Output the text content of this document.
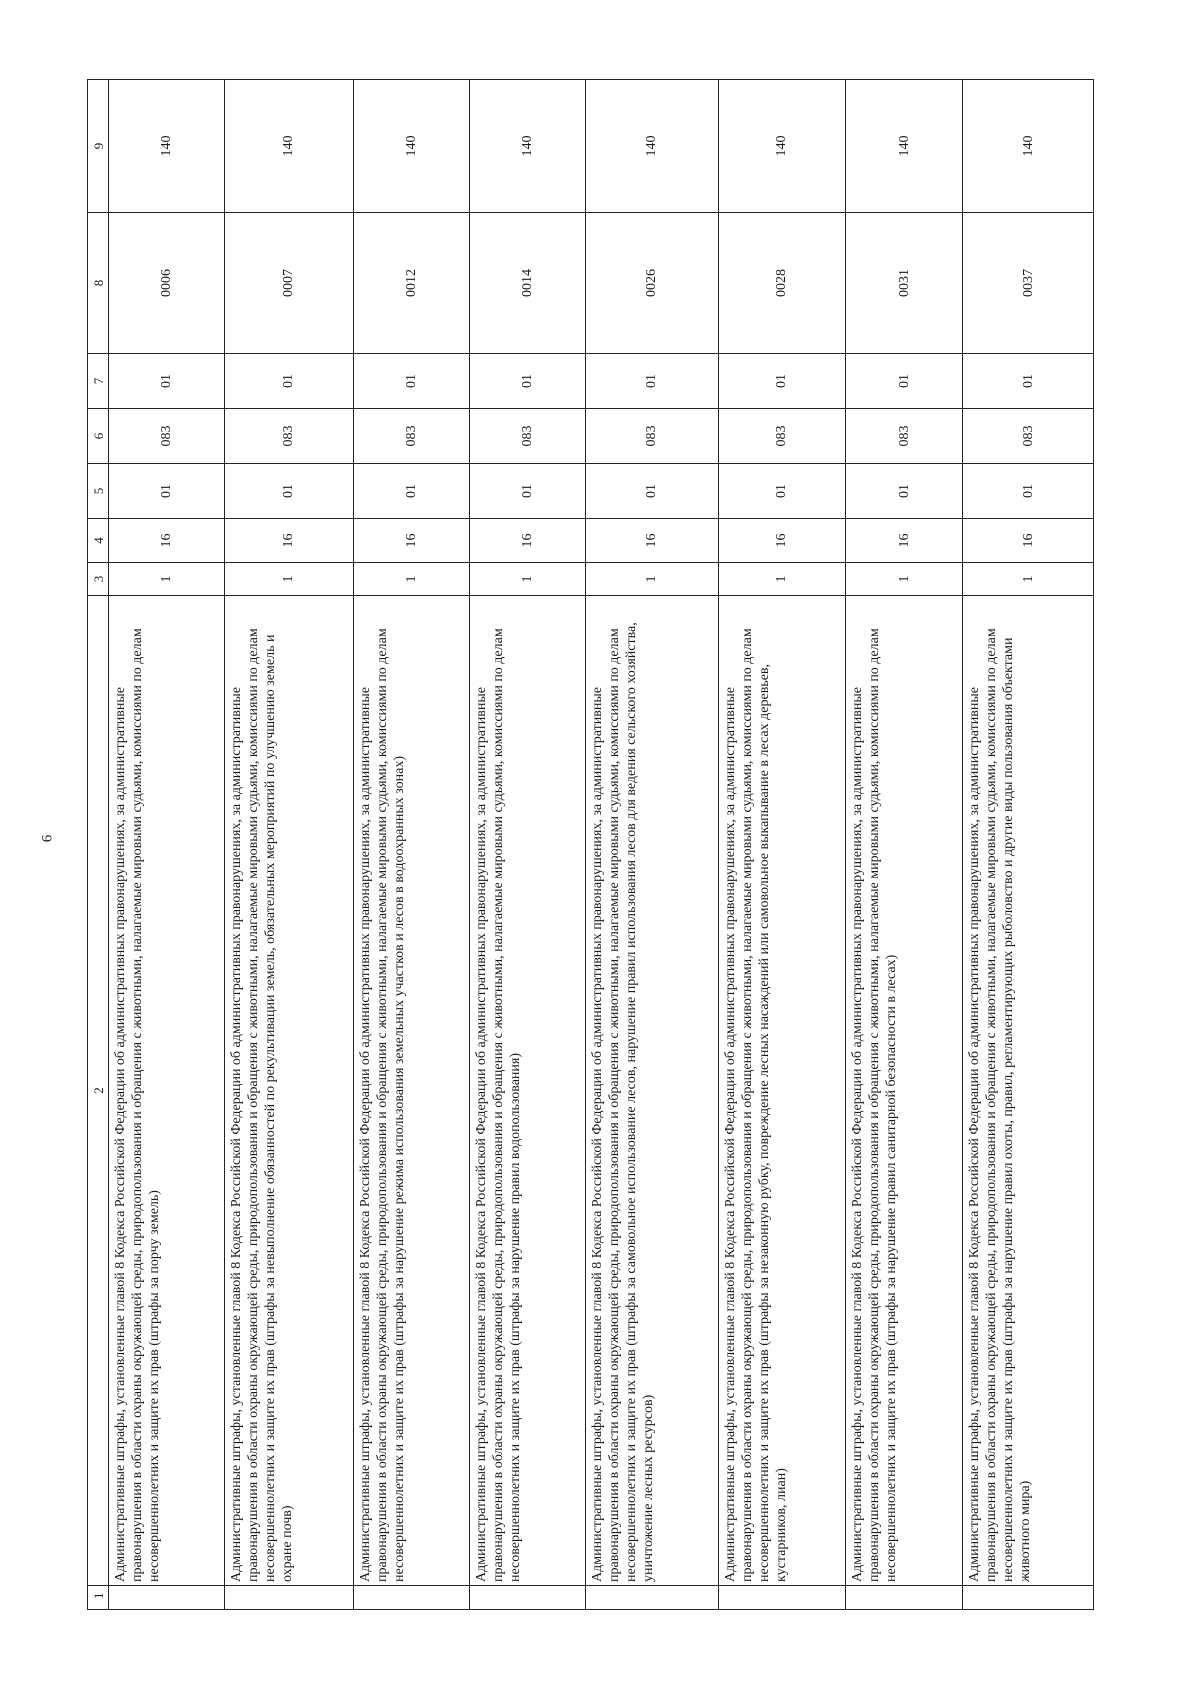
6
1	2	3	4	5	6	7	8	9
	Административные штрафы, установленные главой 8 Кодекса Российской Федерации об административных правонарушениях, за административные правонарушения в области охраны окружающей среды, природопользования и обращения с животными, налагаемые мировыми судьями, комиссиями по делам несовершеннолетних и защите их прав (штрафы за порчу земель)	1	16	01	083	01	0006	140
	Административные штрафы, установленные главой 8 Кодекса Российской Федерации об административных правонарушениях, за административные правонарушения в области охраны окружающей среды, природопользования и обращения с животными, налагаемые мировыми судьями, комиссиями по делам несовершеннолетних и защите их прав (штрафы за невыполнение обязанностей по рекультивации земель, обязательных мероприятий по улучшению земель и охране почв)	1	16	01	083	01	0007	140
	Административные штрафы, установленные главой 8 Кодекса Российской Федерации об административных правонарушениях, за административные правонарушения в области охраны окружающей среды, природопользования и обращения с животными, налагаемые мировыми судьями, комиссиями по делам несовершеннолетних и защите их прав (штрафы за нарушение режима использования земельных участков и лесов в водоохранных зонах)	1	16	01	083	01	0012	140
	Административные штрафы, установленные главой 8 Кодекса Российской Федерации об административных правонарушениях, за административные правонарушения в области охраны окружающей среды, природопользования и обращения с животными, налагаемые мировыми судьями, комиссиями по делам несовершеннолетних и защите их прав (штрафы за нарушение правил водопользования)	1	16	01	083	01	0014	140
	Административные штрафы, установленные главой 8 Кодекса Российской Федерации об административных правонарушениях, за административные правонарушения в области охраны окружающей среды, природопользования и обращения с животными, налагаемые мировыми судьями, комиссиями по делам несовершеннолетних и защите их прав (штрафы за самовольное использование лесов, нарушение правил использования лесов для ведения сельского хозяйства, уничтожение лесных ресурсов)	1	16	01	083	01	0026	140
	Административные штрафы, установленные главой 8 Кодекса Российской Федерации об административных правонарушениях, за административные правонарушения в области охраны окружающей среды, природопользования и обращения с животными, налагаемые мировыми судьями, комиссиями по делам несовершеннолетних и защите их прав (штрафы за незаконную рубку, повреждение лесных насаждений или самовольное выкапывание в лесах деревьев, кустарников, лиан)	1	16	01	083	01	0028	140
	Административные штрафы, установленные главой 8 Кодекса Российской Федерации об административных правонарушениях, за административные правонарушения в области охраны окружающей среды, природопользования и обращения с животными, налагаемые мировыми судьями, комиссиями по делам несовершеннолетних и защите их прав (штрафы за нарушение правил санитарной безопасности в лесах)	1	16	01	083	01	0031	140
	Административные штрафы, установленные главой 8 Кодекса Российской Федерации об административных правонарушениях, за административные правонарушения в области охраны окружающей среды, природопользования и обращения с животными, налагаемые мировыми судьями, комиссиями по делам несовершеннолетних и защите их прав (штрафы за нарушение правил охоты, правил, регламентирующих рыболовство и другие виды пользования объектами животного мира)	1	16	01	083	01	0037	140
